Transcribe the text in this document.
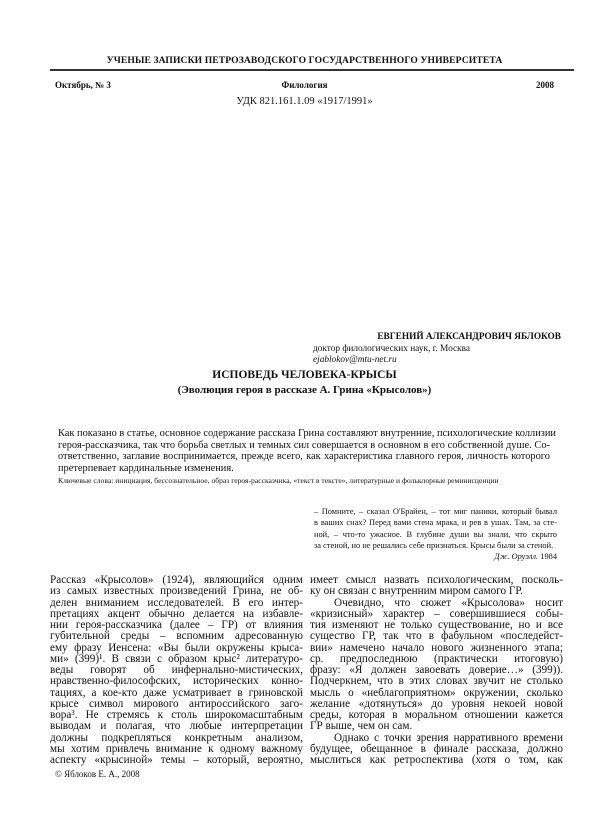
УЧЕНЫЕ ЗАПИСКИ ПЕТРОЗАВОДСКОГО ГОСУДАРСТВЕННОГО УНИВЕРСИТЕТА
Октябрь, № 3	Филология	2008
УДК 821.161.1.09 «1917/1991»
ЕВГЕНИЙ АЛЕКСАНДРОВИЧ ЯБЛОКОВ
доктор филологических наук, г. Москва
ejablokov@mtu-net.ru
ИСПОВЕДЬ ЧЕЛОВЕКА-КРЫСЫ
(Эволюция героя в рассказе А. Грина «Крысолов»)
Как показано в статье, основное содержание рассказа Грина составляют внутренние, психологические коллизии
героя-рассказчика, так что борьба светлых и темных сил совершается в основном в его собственной душе. Со-
ответственно, заглавие воспринимается, прежде всего, как характеристика главного героя, личность которого
претерпевает кардинальные изменения.
Ключевые слова: инициация, бессознательное, образ героя-рассказчика, «текст в тексте», литературные и фольклорные реминисценции
– Помните, – сказал О'Брайен, – тот миг паники, который бывал
в ваших снах? Перед вами стена мрака, и рев в ушах. Там, за сте-
ной, – что-то ужасное. В глубине души вы знали, что скрыто
за стеной, но не решались себе признаться. Крысы были за стеной.
Дж. Оруэлл. 1984
Рассказ «Крысолов» (1924), являющийся одним
из самых известных произведений Грина, не об-
делен вниманием исследователей. В его интер-
претациях акцент обычно делается на избавле-
нии героя-рассказчика (далее – ГР) от влияния
губительной среды – вспомним адресованную
ему фразу Иенсена: «Вы были окружены крыса-
ми» (399)¹. В связи с образом крыс² литературо-
веды говорят об инфернально-мистических,
нравственно-философских, исторических конно-
тациях, а кое-кто даже усматривает в гриновской
крысе символ мирового антироссийского заго-
вора³. Не стремясь к столь широкомасштабным
выводам и полагая, что любые интерпретации
должны подкрепляться конкретным анализом,
мы хотим привлечь внимание к одному важному
аспекту «крысиной» темы – который, вероятно,
имеет смысл назвать психологическим, посколь-
ку он связан с внутренним миром самого ГР.
Очевидно, что сюжет «Крысолова» носит
«кризисный» характер – совершившиеся собы-
тия изменяют не только существование, но и все
существо ГР, так что в фабульном «последейст-
вии» намечено начало нового жизненного этапа;
ср. предпоследнюю (практически итоговую)
фразу: «Я должен завоевать доверие…» (399)).
Подчеркнем, что в этих словах звучит не столько
мысль о «неблагоприятном» окружении, сколько
желание «дотянуться» до уровня некоей новой
среды, которая в моральном отношении кажется
ГР выше, чем он сам.
Однако с точки зрения нарративного времени
будущее, обещанное в финале рассказа, должно
мыслиться как ретроспектива (хотя о том, как
© Яблоков Е. А., 2008
